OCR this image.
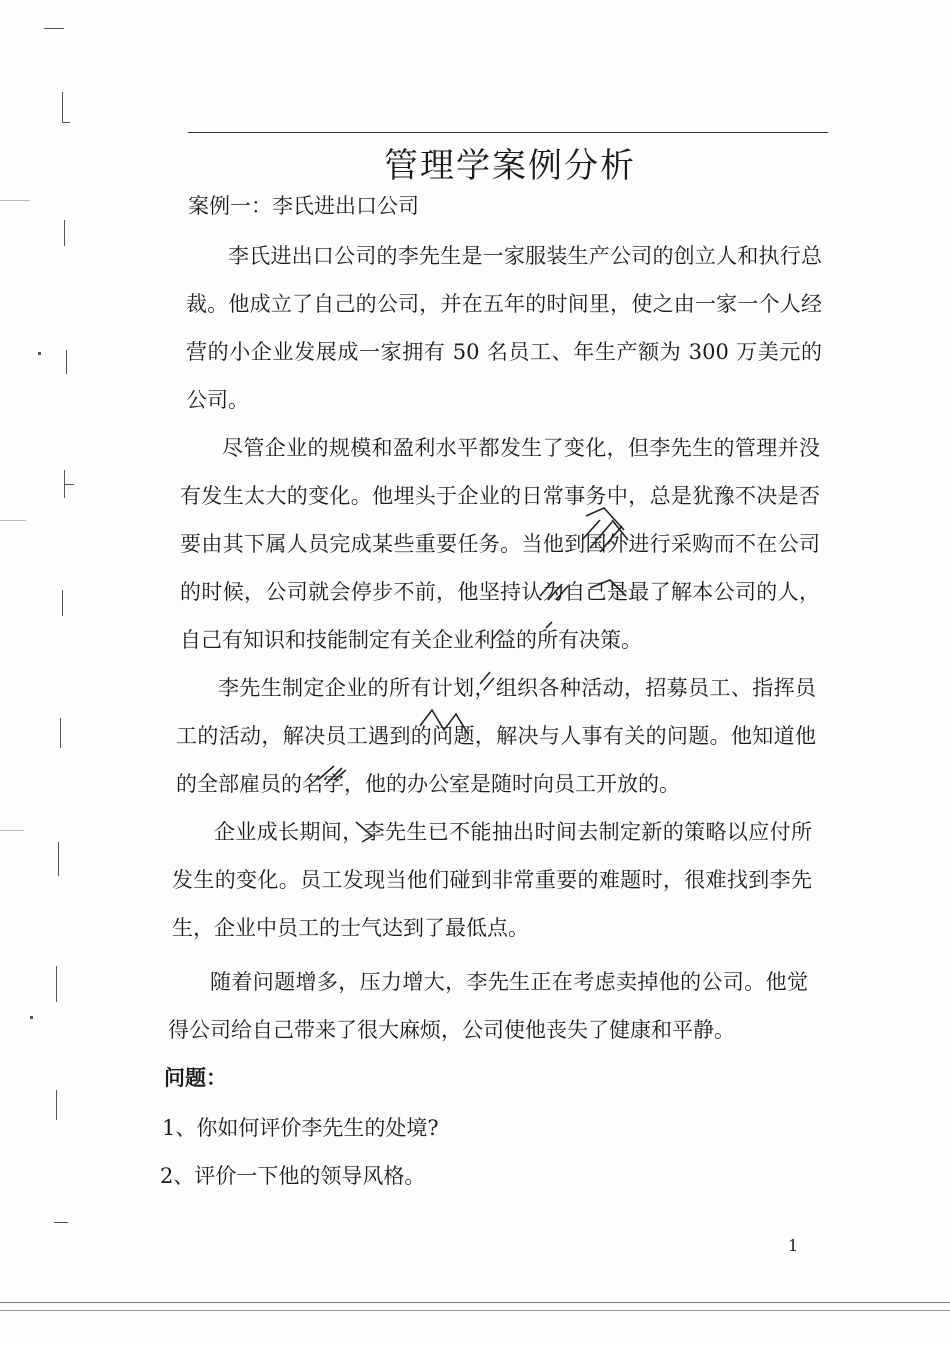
管理学案例分析
案例一：李氏进出口公司
李氏进出口公司的李先生是一家服装生产公司的创立人和执行总裁。他成立了自己的公司，并在五年的时间里，使之由一家一个人经营的小企业发展成一家拥有 50 名员工、年生产额为 300 万美元的公司。
尽管企业的规模和盈利水平都发生了变化，但李先生的管理并没有发生太大的变化。他埋头于企业的日常事务中，总是犹豫不决是否要由其下属人员完成某些重要任务。当他到国外进行采购而不在公司的时候，公司就会停步不前，他坚持认为自己是最了解本公司的人，自己有知识和技能制定有关企业利益的所有决策。
李先生制定企业的所有计划，组织各种活动，招募员工、指挥员工的活动，解决员工遇到的问题，解决与人事有关的问题。他知道他的全部雇员的名字，他的办公室是随时向员工开放的。
企业成长期间，李先生已不能抽出时间去制定新的策略以应付所发生的变化。员工发现当他们碰到非常重要的难题时，很难找到李先生，企业中员工的士气达到了最低点。
随着问题增多，压力增大，李先生正在考虑卖掉他的公司。他觉得公司给自己带来了很大麻烦，公司使他丧失了健康和平静。
问题：
1、你如何评价李先生的处境?
2、评价一下他的领导风格。
1
